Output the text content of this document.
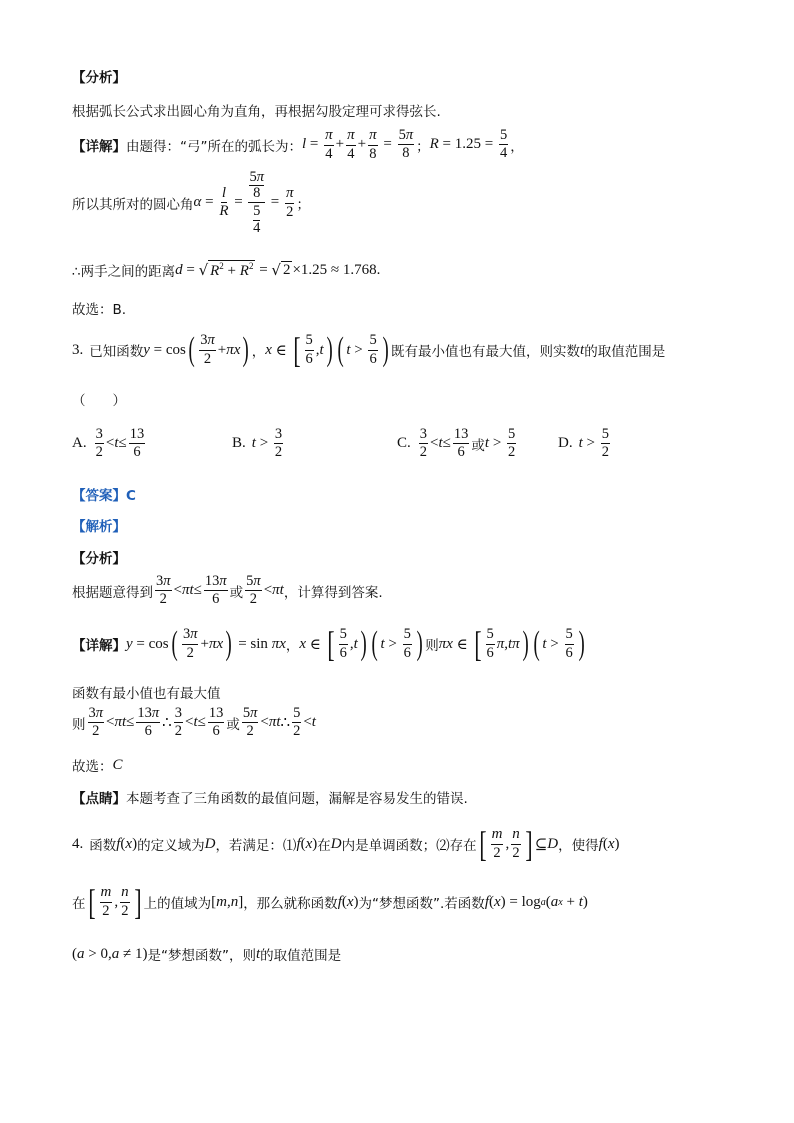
【分析】
根据弧长公式求出圆心角为直角，再根据勾股定理可求得弦长.
【详解】 由题得：“弓”所在的弧长为： $l = \frac{\pi}{4} + \frac{\pi}{4} + \frac{\pi}{8} = \frac{5\pi}{8}$ ； $R = 1.25 = \frac{5}{4}$ ，
所以其所对的圆心角 $\alpha = \frac{l}{R} = 5\pi$
8
5
$4 = \frac{\pi}{2}$ ；
∴两手之间的距离 d = √ $R^2 + R^2$ = √ 2 ×1.25 ≈ 1.768 .
故选：B.
3. 已知函数 y = cos ( $\frac{3\pi}{2} + \pi x$ ) ， x ∈ [ $\frac{5}{6}$ , t ) ( $t > \frac{5}{6}$ ) 既有最小值也有最大值，则实数 t 的取值范围是
（　　）
A. $\frac{3}{2} < t \le \frac{13}{6}$	B. $t > \frac{3}{2}$	C. $\frac{3}{2} < t \le \frac{13}{6}$ 或 $t > \frac{5}{2}$	D. $t > \frac{5}{2}$
【答案】C
【解析】
【分析】
根据题意得到 $\frac{3\pi}{2} < \pi t \le \frac{13\pi}{6}$ 或 $\frac{5\pi}{2} < \pi t$ ，计算得到答案.
【详解】 y = cos ( $\frac{3\pi}{2} + \pi x$ ) = sin πx ， x ∈ [ $\frac{5}{6}$ , t ) ( $t > \frac{5}{6}$ ) 则 πx ∈ [ $\frac{5}{6}$ π , tπ ) ( $t > \frac{5}{6}$ )
函数有最小值也有最大值
则 $\frac{3\pi}{2} < \pi t \le \frac{13\pi}{6}$ ∴ $\frac{3}{2} < t \le \frac{13}{6}$ 或 $\frac{5\pi}{2} < \pi t$ ∴ $\frac{5}{2} < t$
故选： C
【点睛】 本题考查了三角函数的最值问题，漏解是容易发生的错误.
4. 函数 f ( x ) 的定义域为 D ，若满足：⑴ f ( x ) 在 D 内是单调函数；⑵存在 [ $\frac{m}{2}$ , $\frac{n}{2}$ ] ⊆ D ，使得 f ( x )
在 [ $\frac{m}{2}$ , $\frac{n}{2}$ ] 上的值域为 [ m , n ] ，那么就称函数 f ( x ) 为“梦想函数”.若函数 f ( x ) = log a ( a x + t )
( a > 0, a ≠ 1) 是“梦想函数”，则 t 的取值范围是
